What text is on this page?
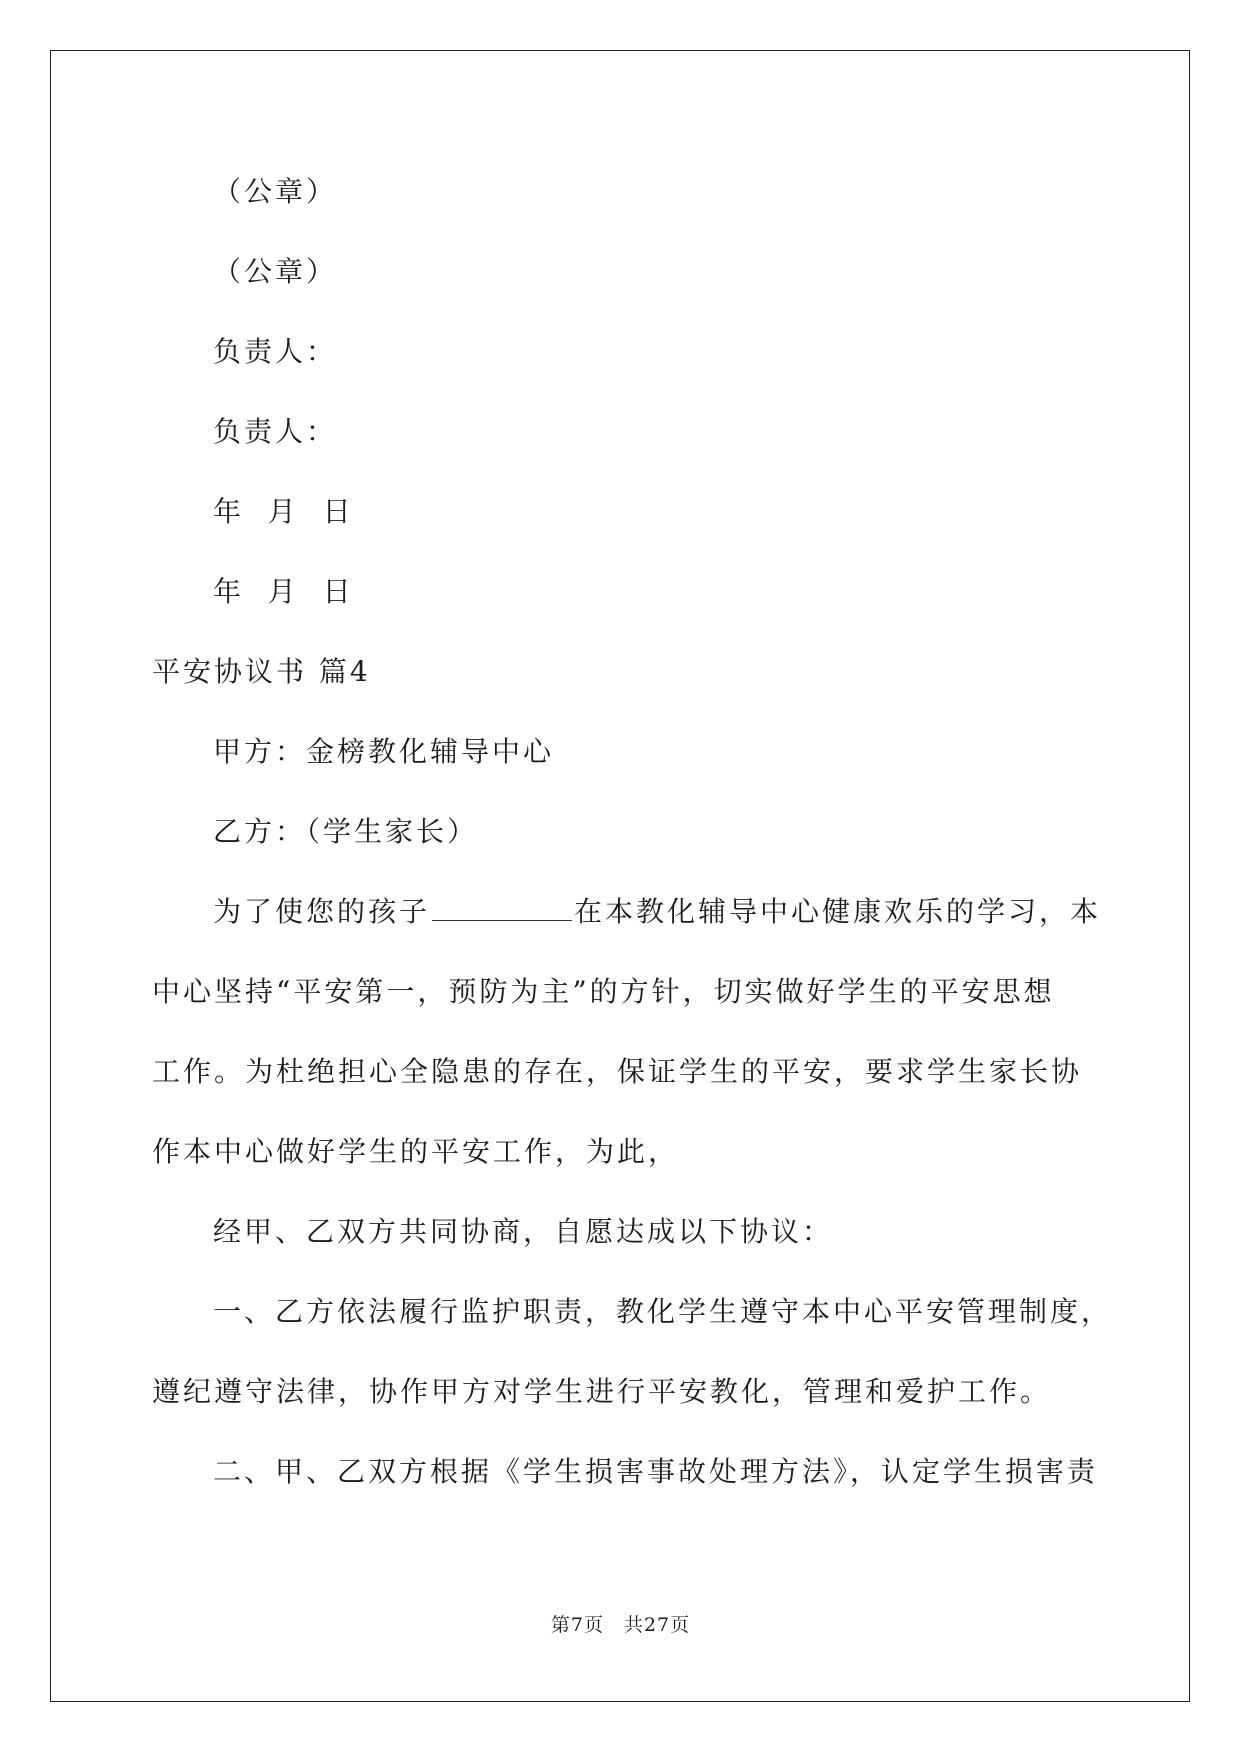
（公章）
（公章）
负责人：
负责人：
年  月  日
年  月  日
平安协议书 篇4
甲方：金榜教化辅导中心
乙方：（学生家长）
为了使您的孩子	在本教化辅导中心健康欢乐的学习，本
中心坚持“平安第一，预防为主”的方针，切实做好学生的平安思想
工作。为杜绝担心全隐患的存在，保证学生的平安，要求学生家长协
作本中心做好学生的平安工作，为此，
经甲、乙双方共同协商，自愿达成以下协议：
一、乙方依法履行监护职责，教化学生遵守本中心平安管理制度，
遵纪遵守法律，协作甲方对学生进行平安教化，管理和爱护工作。
二、甲、乙双方根据《学生损害事故处理方法》，认定学生损害责
第7页　共27页
